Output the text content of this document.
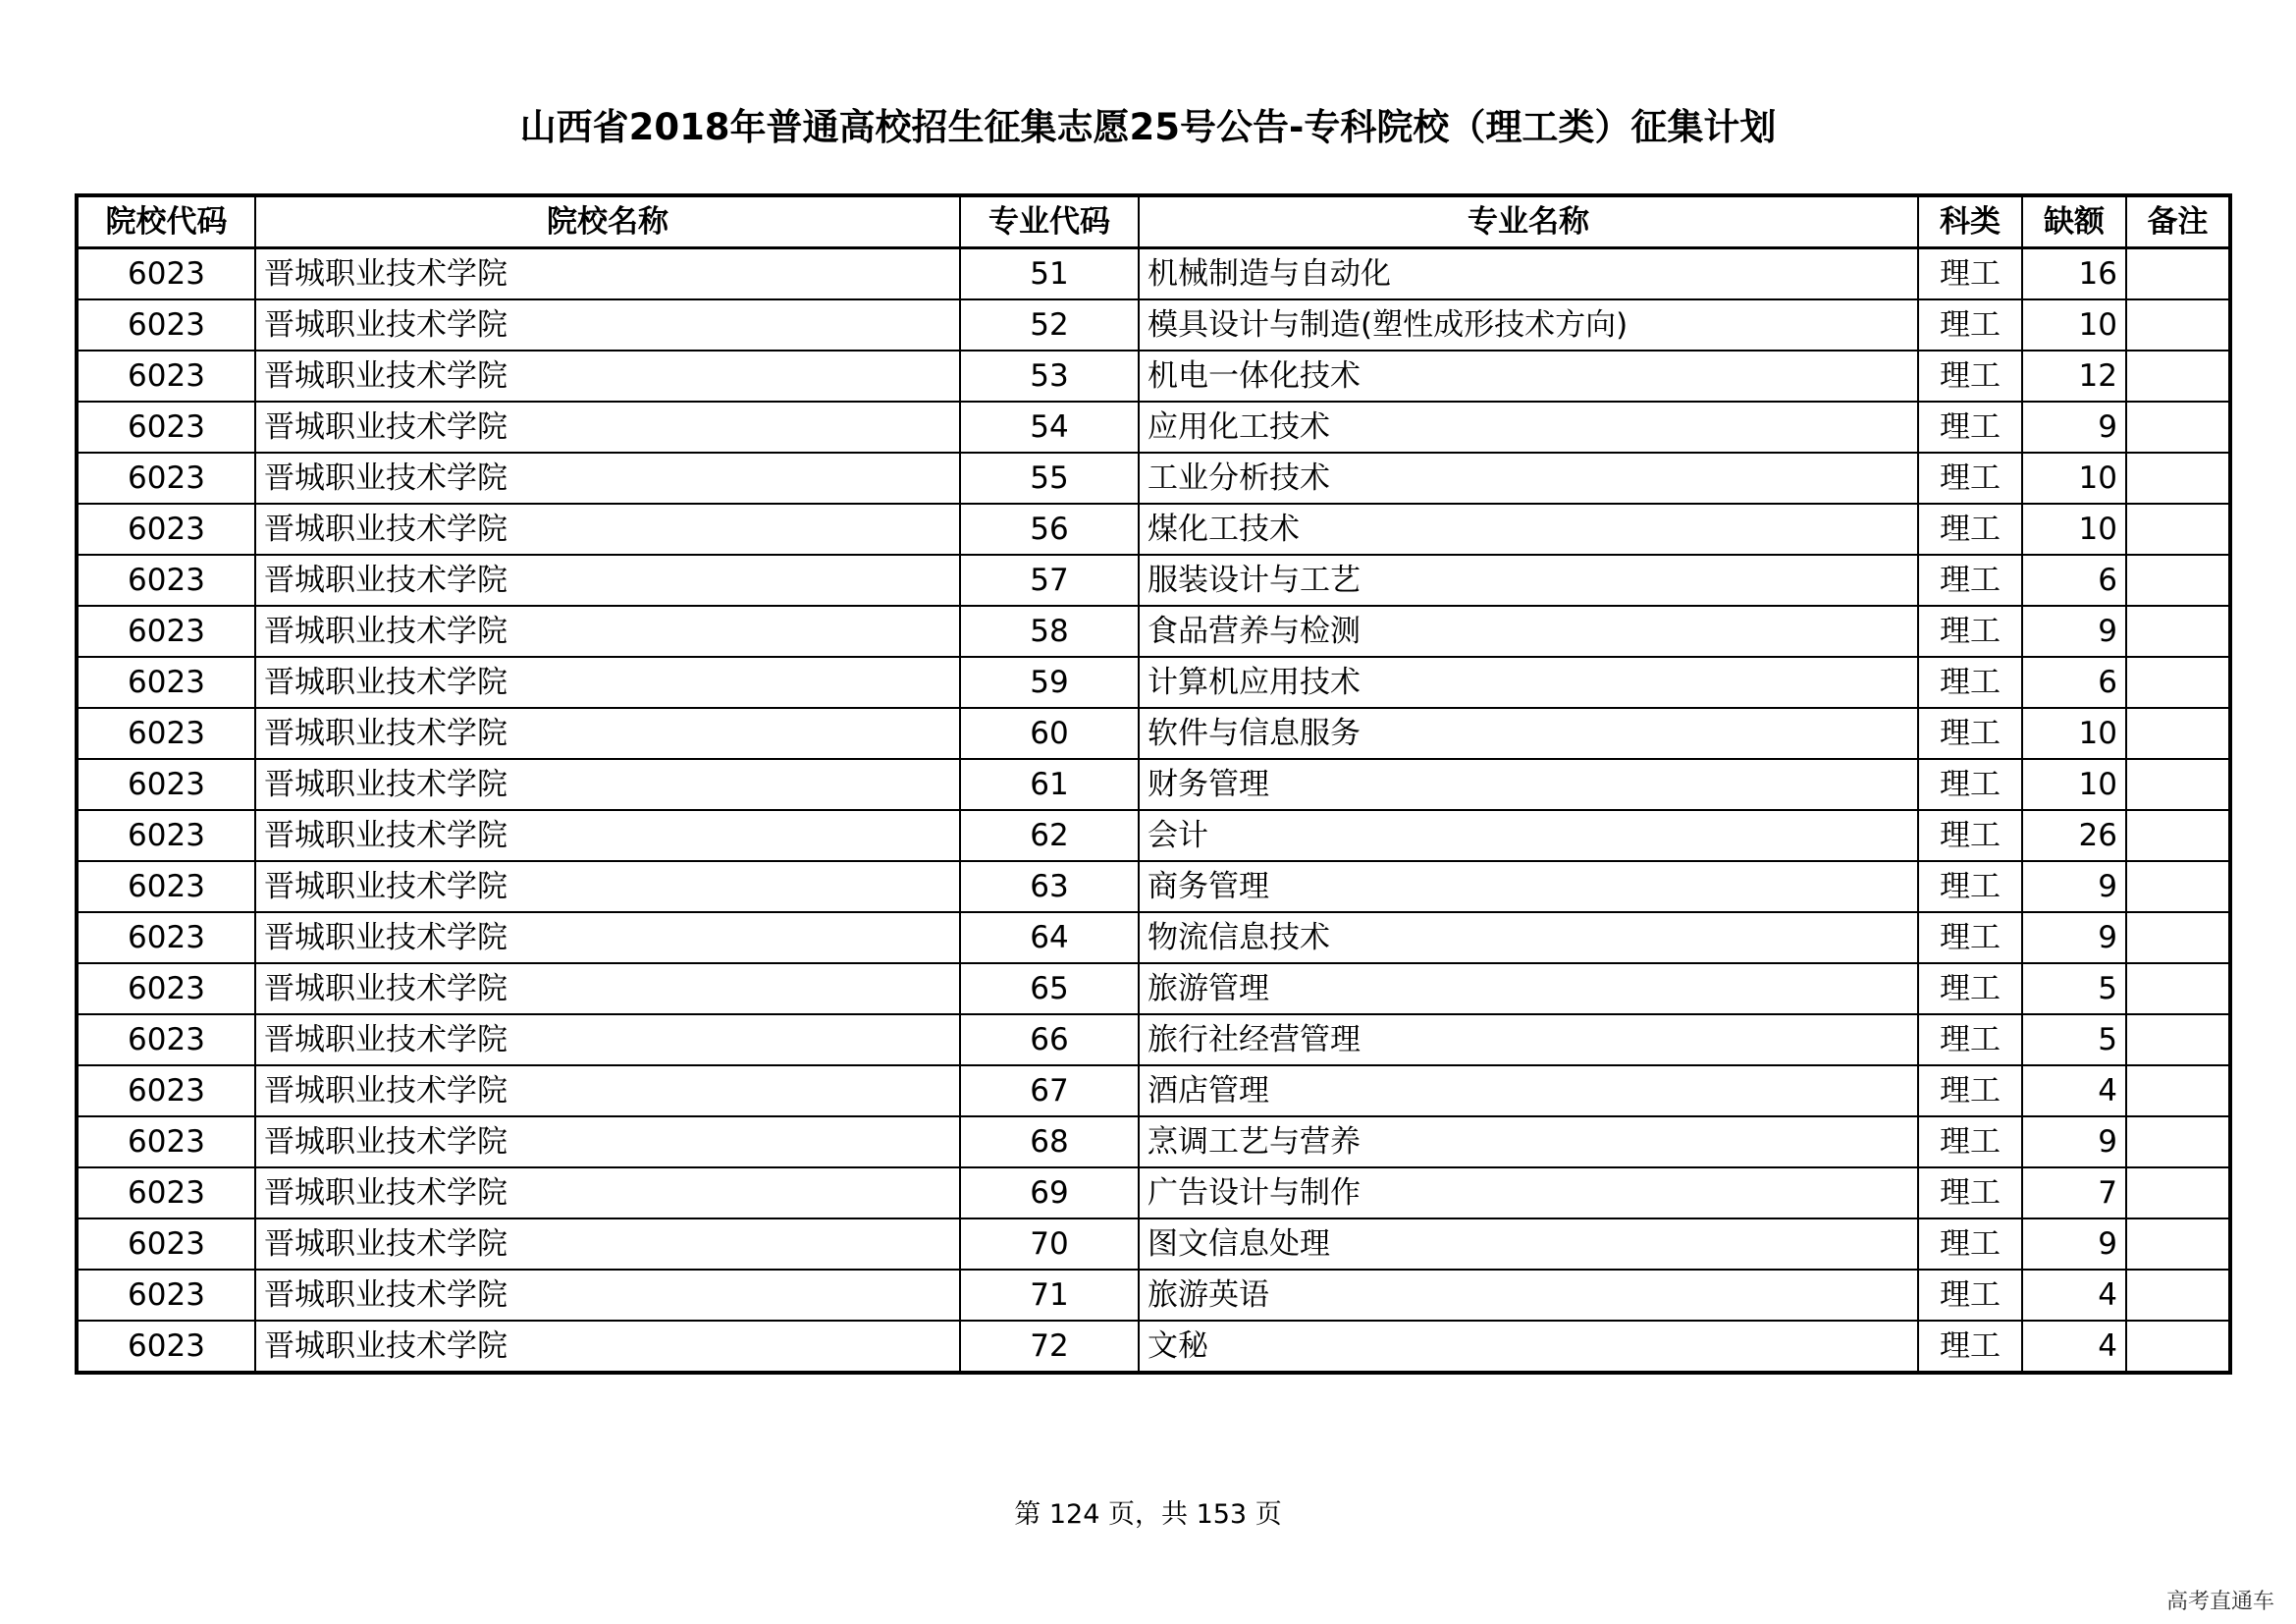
山西省2018年普通高校招生征集志愿25号公告-专科院校（理工类）征集计划
院校代码	院校名称	专业代码	专业名称	科类	缺额	备注
6023	晋城职业技术学院	51	机械制造与自动化	理工	16	
6023	晋城职业技术学院	52	模具设计与制造(塑性成形技术方向)	理工	10	
6023	晋城职业技术学院	53	机电一体化技术	理工	12	
6023	晋城职业技术学院	54	应用化工技术	理工	9	
6023	晋城职业技术学院	55	工业分析技术	理工	10	
6023	晋城职业技术学院	56	煤化工技术	理工	10	
6023	晋城职业技术学院	57	服装设计与工艺	理工	6	
6023	晋城职业技术学院	58	食品营养与检测	理工	9	
6023	晋城职业技术学院	59	计算机应用技术	理工	6	
6023	晋城职业技术学院	60	软件与信息服务	理工	10	
6023	晋城职业技术学院	61	财务管理	理工	10	
6023	晋城职业技术学院	62	会计	理工	26	
6023	晋城职业技术学院	63	商务管理	理工	9	
6023	晋城职业技术学院	64	物流信息技术	理工	9	
6023	晋城职业技术学院	65	旅游管理	理工	5	
6023	晋城职业技术学院	66	旅行社经营管理	理工	5	
6023	晋城职业技术学院	67	酒店管理	理工	4	
6023	晋城职业技术学院	68	烹调工艺与营养	理工	9	
6023	晋城职业技术学院	69	广告设计与制作	理工	7	
6023	晋城职业技术学院	70	图文信息处理	理工	9	
6023	晋城职业技术学院	71	旅游英语	理工	4	
6023	晋城职业技术学院	72	文秘	理工	4	
第 124 页，共 153 页
高考直通车
